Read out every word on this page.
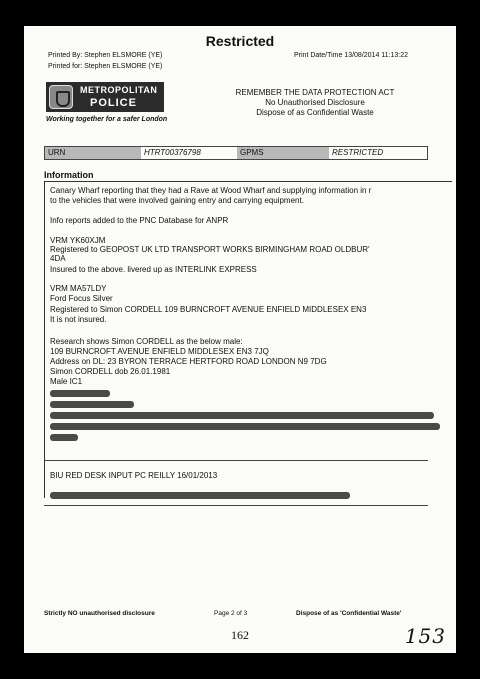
Restricted
Printed By: Stephen ELSMORE (YE)
Printed for: Stephen ELSMORE (YE)
Print Date/Time 13/08/2014 11:13:22
METROPOLITAN
POLICE
Working together for a safer London
REMEMBER THE DATA PROTECTION ACT
No Unauthorised Disclosure
Dispose of as Confidential Waste
URN	HTRT00376798	GPMS	RESTRICTED
Information
Canary Wharf reporting that they had a Rave at Wood Wharf and supplying information in r
to the vehicles that were involved gaining entry and carrying equipment.
Info reports added to the PNC Database for ANPR
VRM YK60XJM
Registered to GEOPOST UK LTD TRANSPORT WORKS BIRMINGHAM ROAD OLDBUR'
4DA
Insured to the above. livered up as INTERLINK EXPRESS
VRM MA57LDY
Ford Focus Silver
Registered to Simon CORDELL 109 BURNCROFT AVENUE ENFIELD MIDDLESEX EN3
It is not insured.
Research shows Simon CORDELL as the below male:
109 BURNCROFT AVENUE ENFIELD MIDDLESEX EN3 7JQ
Address on DL: 23 BYRON TERRACE HERTFORD ROAD LONDON N9 7DG
Simon CORDELL dob 26.01.1981
Male IC1
BIU RED DESK INPUT PC REILLY 16/01/2013
Strictly NO unauthorised disclosure	Page 2 of 3	Dispose of as 'Confidential Waste'
162	153
